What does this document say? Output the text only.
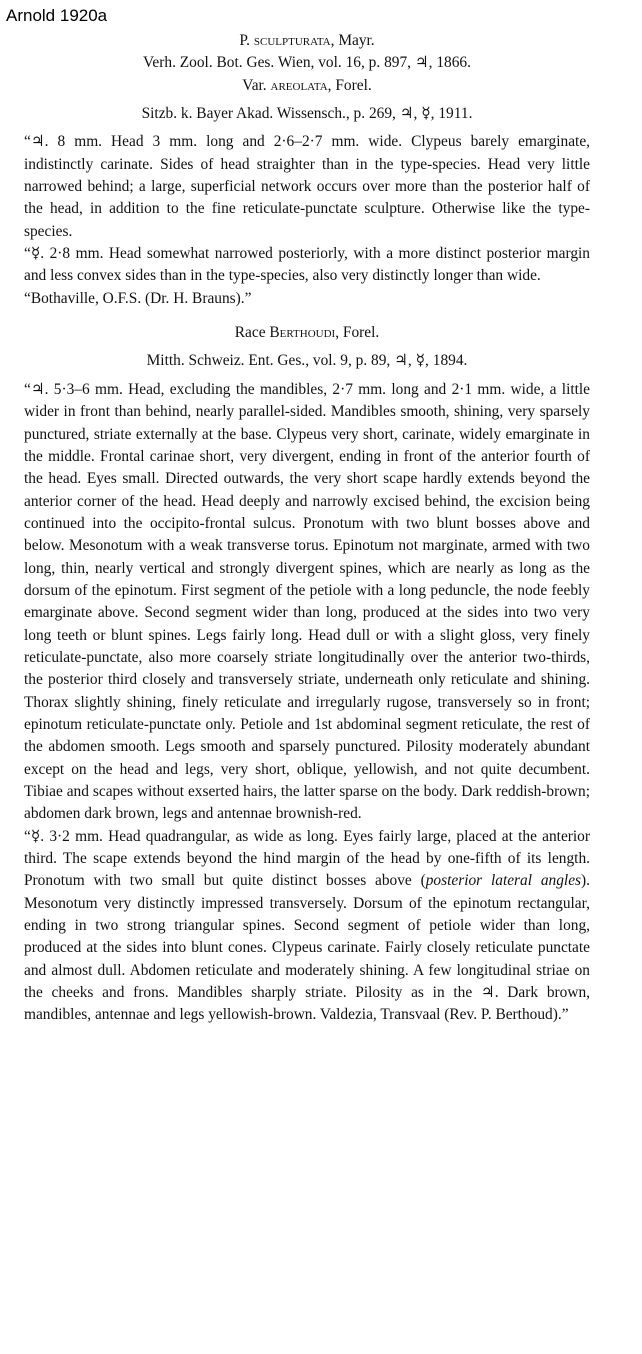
Arnold 1920a
P. sculpturata, Mayr.
Verh. Zool. Bot. Ges. Wien, vol. 16, p. 897, ♃, 1866.
Var. areolata, Forel.
Sitzb. k. Bayer Akad. Wissensch., p. 269, ♃, ☿, 1911.

“♃. 8 mm. Head 3 mm. long and 2·6–2·7 mm. wide. Clypeus barely emarginate, indistinctly carinate. Sides of head straighter than in the type-species. Head very little narrowed behind; a large, superficial network occurs over more than the posterior half of the head, in addition to the fine reticulate-punctate sculpture. Otherwise like the type-species.

“☿. 2·8 mm. Head somewhat narrowed posteriorly, with a more distinct posterior margin and less convex sides than in the type-species, also very distinctly longer than wide.

“Bothaville, O.F.S. (Dr. H. Brauns).”

Race Berthoudi, Forel.
Mitth. Schweiz. Ent. Ges., vol. 9, p. 89, ♃, ☿, 1894.

“♃. 5·3–6 mm. Head, excluding the mandibles, 2·7 mm. long and 2·1 mm. wide, a little wider in front than behind, nearly parallel-sided. Mandibles smooth, shining, very sparsely punctured, striate externally at the base. Clypeus very short, carinate, widely emarginate in the middle. Frontal carinae short, very divergent, ending in front of the anterior fourth of the head. Eyes small. Directed outwards, the very short scape hardly extends beyond the anterior corner of the head. Head deeply and narrowly excised behind, the excision being continued into the occipito-frontal sulcus. Pronotum with two blunt bosses above and below. Mesonotum with a weak transverse torus. Epinotum not marginate, armed with two long, thin, nearly vertical and strongly divergent spines, which are nearly as long as the dorsum of the epinotum. First segment of the petiole with a long peduncle, the node feebly emarginate above. Second segment wider than long, produced at the sides into two very long teeth or blunt spines. Legs fairly long. Head dull or with a slight gloss, very finely reticulate-punctate, also more coarsely striate longitudinally over the anterior two-thirds, the posterior third closely and transversely striate, underneath only reticulate and shining. Thorax slightly shining, finely reticulate and irregularly rugose, transversely so in front; epinotum reticulate-punctate only. Petiole and 1st abdominal segment reticulate, the rest of the abdomen smooth. Legs smooth and sparsely punctured. Pilosity moderately abundant except on the head and legs, very short, oblique, yellowish, and not quite decumbent. Tibiae and scapes without exserted hairs, the latter sparse on the body. Dark reddish-brown; abdomen dark brown, legs and antennae brownish-red.

“☿. 3·2 mm. Head quadrangular, as wide as long. Eyes fairly large, placed at the anterior third. The scape extends beyond the hind margin of the head by one-fifth of its length. Pronotum with two small but quite distinct bosses above (posterior lateral angles). Mesonotum very distinctly impressed transversely. Dorsum of the epinotum rectangular, ending in two strong triangular spines. Second segment of petiole wider than long, produced at the sides into blunt cones. Clypeus carinate. Fairly closely reticulate punctate and almost dull. Abdomen reticulate and moderately shining. A few longitudinal striae on the cheeks and frons. Mandibles sharply striate. Pilosity as in the ♃. Dark brown, mandibles, antennae and legs yellowish-brown. Valdezia, Transvaal (Rev. P. Berthoud).”
